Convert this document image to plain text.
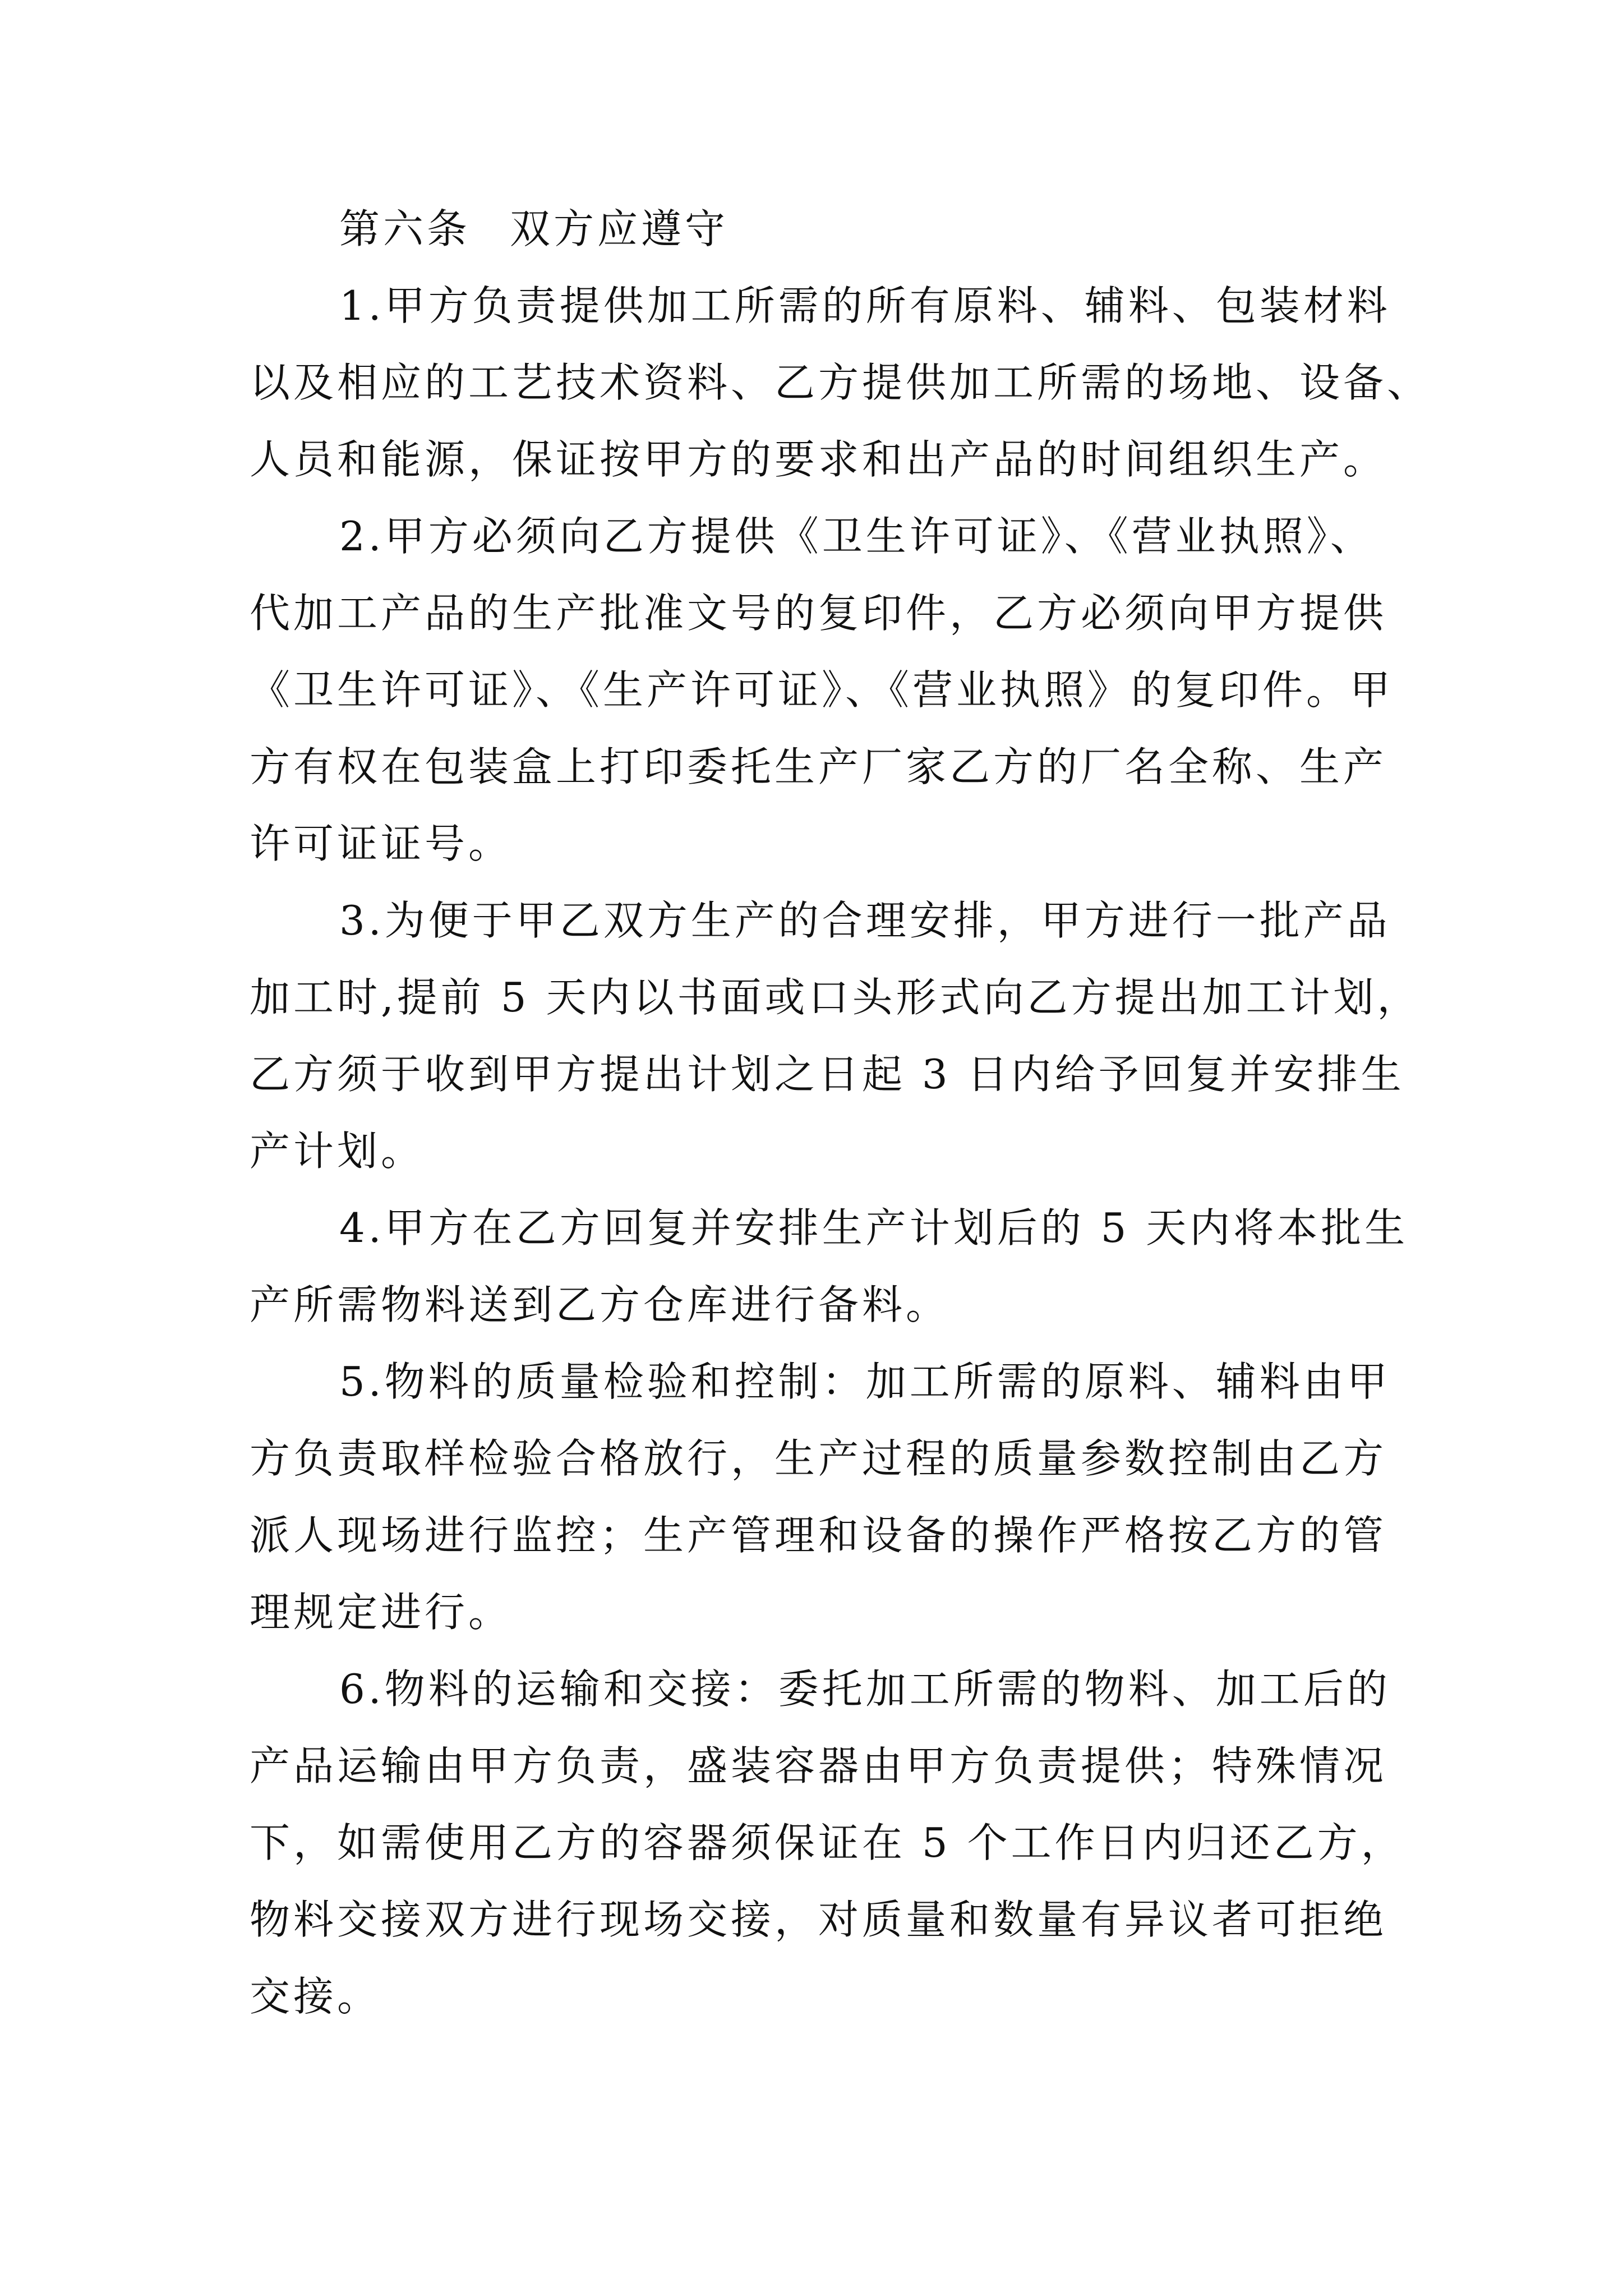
第六条 双方应遵守
1.甲方负责提供加工所需的所有原料、辅料、包装材料
以及相应的工艺技术资料、乙方提供加工所需的场地、设备、
人员和能源，保证按甲方的要求和出产品的时间组织生产。
2.甲方必须向乙方提供《卫生许可证》、《营业执照》、
代加工产品的生产批准文号的复印件，乙方必须向甲方提供
《卫生许可证》、《生产许可证》、《营业执照》的复印件。甲
方有权在包装盒上打印委托生产厂家乙方的厂名全称、生产
许可证证号。
3.为便于甲乙双方生产的合理安排，甲方进行一批产品
加工时,提前 5 天内以书面或口头形式向乙方提出加工计划，
乙方须于收到甲方提出计划之日起 3 日内给予回复并安排生
产计划。
4.甲方在乙方回复并安排生产计划后的 5 天内将本批生
产所需物料送到乙方仓库进行备料。
5.物料的质量检验和控制：加工所需的原料、辅料由甲
方负责取样检验合格放行，生产过程的质量参数控制由乙方
派人现场进行监控；生产管理和设备的操作严格按乙方的管
理规定进行。
6.物料的运输和交接：委托加工所需的物料、加工后的
产品运输由甲方负责，盛装容器由甲方负责提供；特殊情况
下，如需使用乙方的容器须保证在 5 个工作日内归还乙方，
物料交接双方进行现场交接，对质量和数量有异议者可拒绝
交接。
